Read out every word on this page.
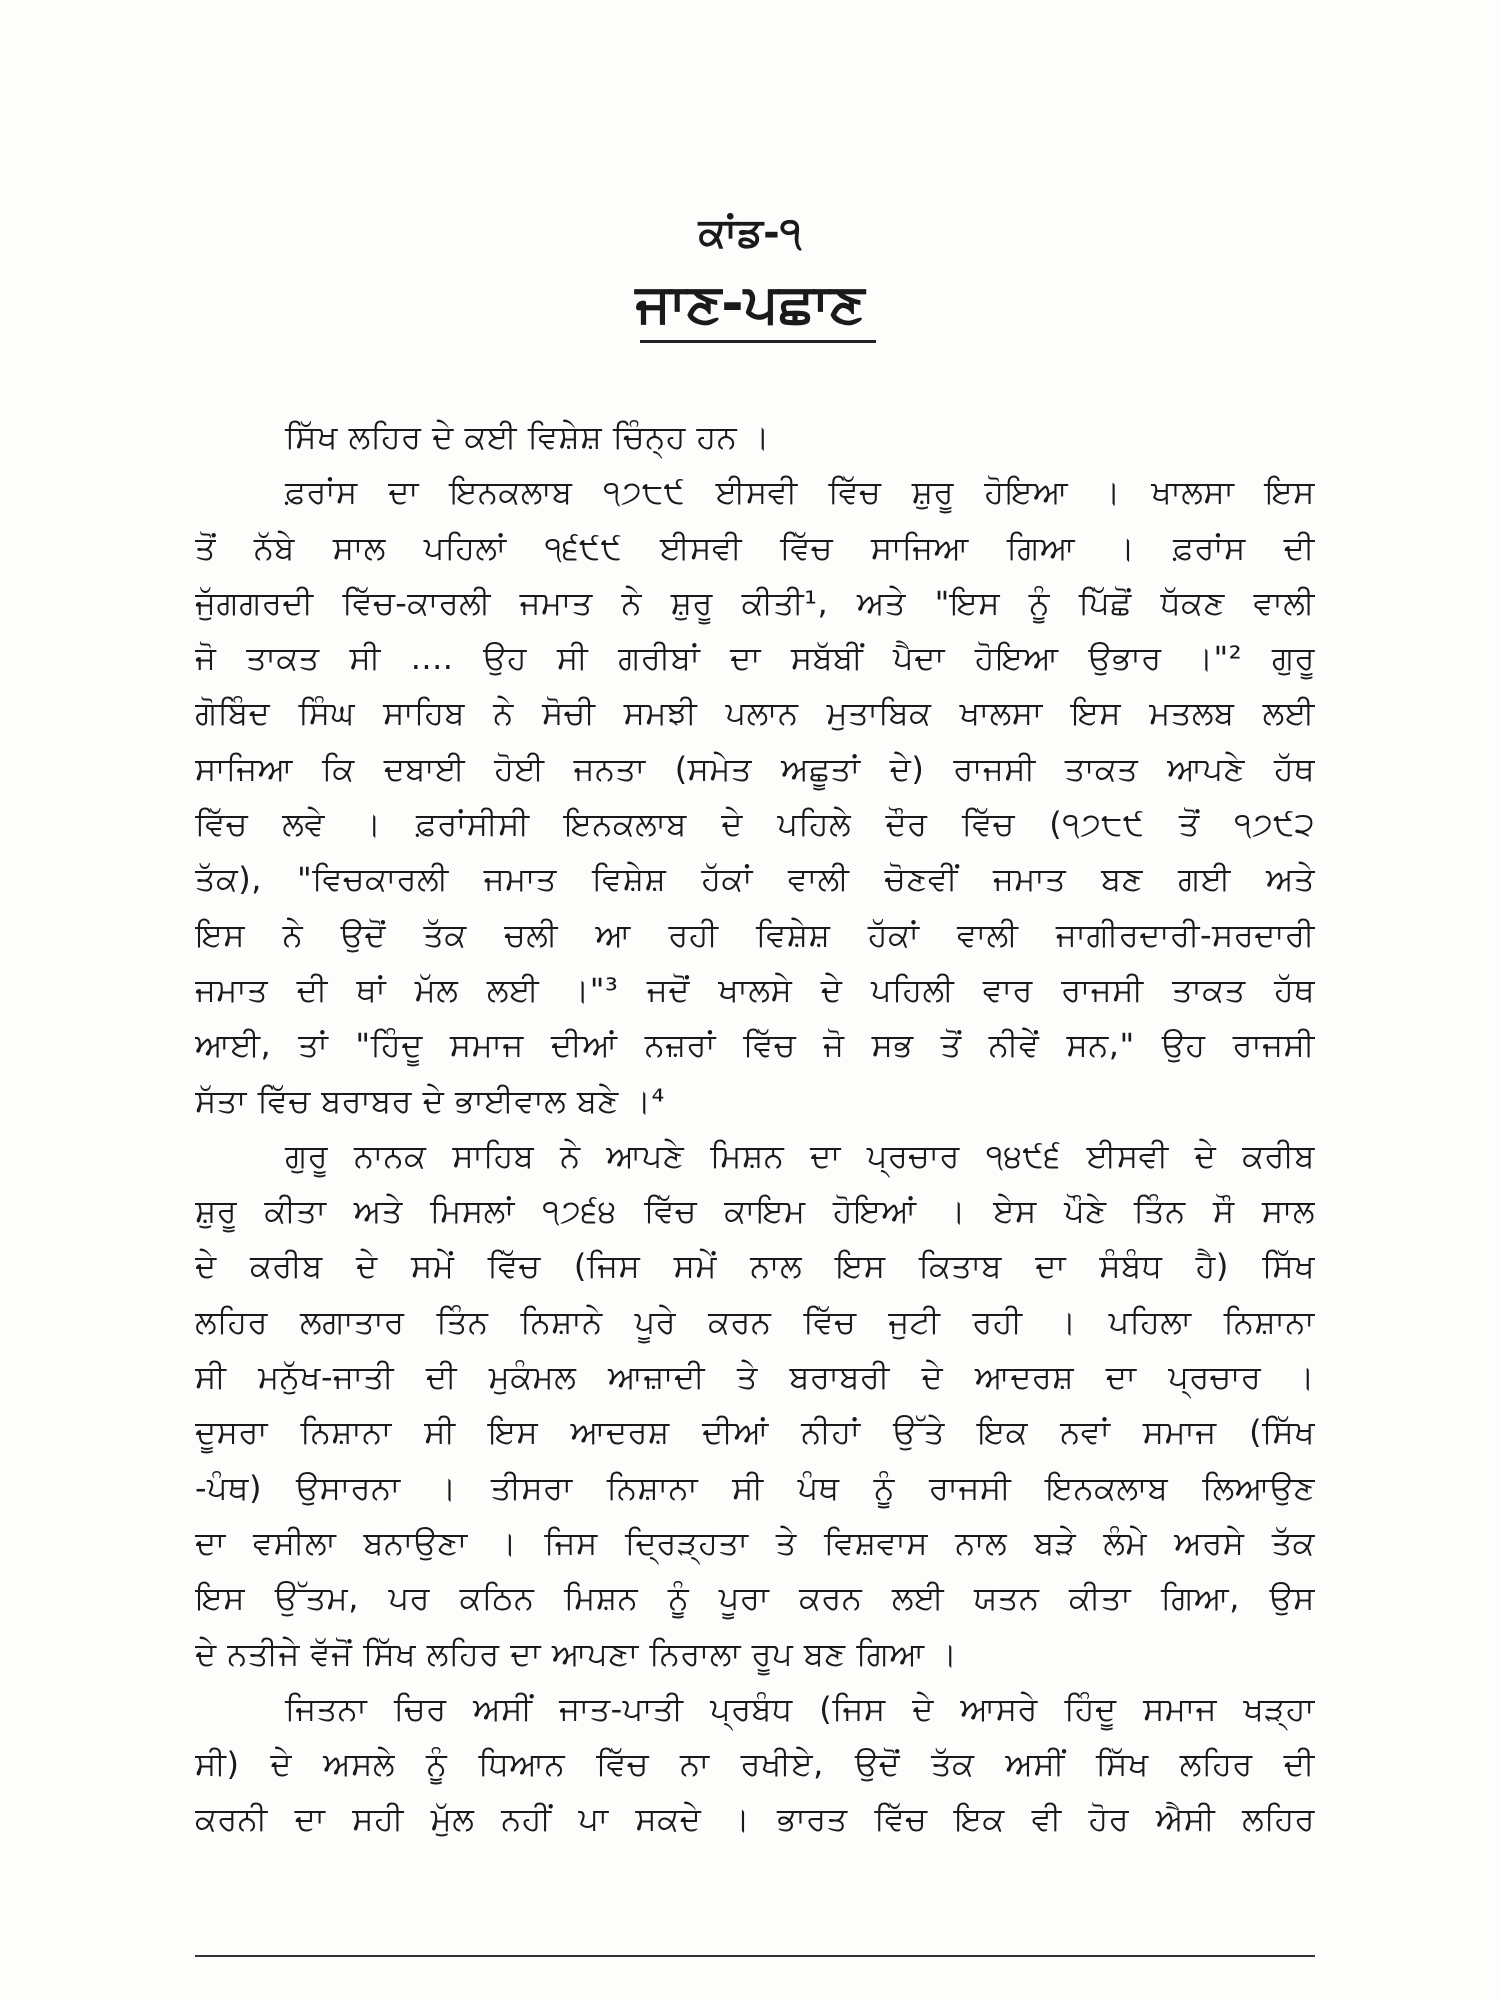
ਕਾਂਡ-੧
ਜਾਣ-ਪਛਾਣ
ਸਿੱਖ ਲਹਿਰ ਦੇ ਕਈ ਵਿਸ਼ੇਸ਼ ਚਿੰਨ੍ਹ ਹਨ ।
ਫ਼ਰਾਂਸ ਦਾ ਇਨਕਲਾਬ ੧੭੮੯ ਈਸਵੀ ਵਿੱਚ ਸ਼ੁਰੂ ਹੋਇਆ । ਖਾਲਸਾ ਇਸ
ਤੋਂ ਨੱਬੇ ਸਾਲ ਪਹਿਲਾਂ ੧੬੯੯ ਈਸਵੀ ਵਿੱਚ ਸਾਜਿਆ ਗਿਆ । ਫ਼ਰਾਂਸ ਦੀ
ਜੁੱਗਗਰਦੀ ਵਿੱਚ-ਕਾਰਲੀ ਜਮਾਤ ਨੇ ਸ਼ੁਰੂ ਕੀਤੀ¹, ਅਤੇ "ਇਸ ਨੂੰ ਪਿੱਛੋਂ ਧੱਕਣ ਵਾਲੀ
ਜੋ ਤਾਕਤ ਸੀ .... ਉਹ ਸੀ ਗਰੀਬਾਂ ਦਾ ਸਬੱਬੀਂ ਪੈਦਾ ਹੋਇਆ ਉਭਾਰ ।"² ਗੁਰੂ
ਗੋਬਿੰਦ ਸਿੰਘ ਸਾਹਿਬ ਨੇ ਸੋਚੀ ਸਮਝੀ ਪਲਾਨ ਮੁਤਾਬਿਕ ਖਾਲਸਾ ਇਸ ਮਤਲਬ ਲਈ
ਸਾਜਿਆ ਕਿ ਦਬਾਈ ਹੋਈ ਜਨਤਾ (ਸਮੇਤ ਅਛੂਤਾਂ ਦੇ) ਰਾਜਸੀ ਤਾਕਤ ਆਪਣੇ ਹੱਥ
ਵਿੱਚ ਲਵੇ । ਫ਼ਰਾਂਸੀਸੀ ਇਨਕਲਾਬ ਦੇ ਪਹਿਲੇ ਦੌਰ ਵਿੱਚ (੧੭੮੯ ਤੋਂ ੧੭੯੨
ਤੱਕ), "ਵਿਚਕਾਰਲੀ ਜਮਾਤ ਵਿਸ਼ੇਸ਼ ਹੱਕਾਂ ਵਾਲੀ ਚੋਣਵੀਂ ਜਮਾਤ ਬਣ ਗਈ ਅਤੇ
ਇਸ ਨੇ ਉਦੋਂ ਤੱਕ ਚਲੀ ਆ ਰਹੀ ਵਿਸ਼ੇਸ਼ ਹੱਕਾਂ ਵਾਲੀ ਜਾਗੀਰਦਾਰੀ-ਸਰਦਾਰੀ
ਜਮਾਤ ਦੀ ਥਾਂ ਮੱਲ ਲਈ ।"³ ਜਦੋਂ ਖਾਲਸੇ ਦੇ ਪਹਿਲੀ ਵਾਰ ਰਾਜਸੀ ਤਾਕਤ ਹੱਥ
ਆਈ, ਤਾਂ "ਹਿੰਦੂ ਸਮਾਜ ਦੀਆਂ ਨਜ਼ਰਾਂ ਵਿੱਚ ਜੋ ਸਭ ਤੋਂ ਨੀਵੇਂ ਸਨ," ਉਹ ਰਾਜਸੀ
ਸੱਤਾ ਵਿੱਚ ਬਰਾਬਰ ਦੇ ਭਾਈਵਾਲ ਬਣੇ ।⁴
ਗੁਰੂ ਨਾਨਕ ਸਾਹਿਬ ਨੇ ਆਪਣੇ ਮਿਸ਼ਨ ਦਾ ਪ੍ਰਚਾਰ ੧੪੯੬ ਈਸਵੀ ਦੇ ਕਰੀਬ
ਸ਼ੁਰੂ ਕੀਤਾ ਅਤੇ ਮਿਸਲਾਂ ੧੭੬੪ ਵਿੱਚ ਕਾਇਮ ਹੋਇਆਂ । ਏਸ ਪੌਣੇ ਤਿੰਨ ਸੌ ਸਾਲ
ਦੇ ਕਰੀਬ ਦੇ ਸਮੇਂ ਵਿੱਚ (ਜਿਸ ਸਮੇਂ ਨਾਲ ਇਸ ਕਿਤਾਬ ਦਾ ਸੰਬੰਧ ਹੈ) ਸਿੱਖ
ਲਹਿਰ ਲਗਾਤਾਰ ਤਿੰਨ ਨਿਸ਼ਾਨੇ ਪੂਰੇ ਕਰਨ ਵਿੱਚ ਜੁਟੀ ਰਹੀ । ਪਹਿਲਾ ਨਿਸ਼ਾਨਾ
ਸੀ ਮਨੁੱਖ-ਜਾਤੀ ਦੀ ਮੁਕੰਮਲ ਆਜ਼ਾਦੀ ਤੇ ਬਰਾਬਰੀ ਦੇ ਆਦਰਸ਼ ਦਾ ਪ੍ਰਚਾਰ ।
ਦੂਸਰਾ ਨਿਸ਼ਾਨਾ ਸੀ ਇਸ ਆਦਰਸ਼ ਦੀਆਂ ਨੀਹਾਂ ਉੱਤੇ ਇਕ ਨਵਾਂ ਸਮਾਜ (ਸਿੱਖ
-ਪੰਥ) ਉਸਾਰਨਾ । ਤੀਸਰਾ ਨਿਸ਼ਾਨਾ ਸੀ ਪੰਥ ਨੂੰ ਰਾਜਸੀ ਇਨਕਲਾਬ ਲਿਆਉਣ
ਦਾ ਵਸੀਲਾ ਬਨਾਉਣਾ । ਜਿਸ ਦ੍ਰਿੜ੍ਹਤਾ ਤੇ ਵਿਸ਼ਵਾਸ ਨਾਲ ਬੜੇ ਲੰਮੇ ਅਰਸੇ ਤੱਕ
ਇਸ ਉੱਤਮ, ਪਰ ਕਠਿਨ ਮਿਸ਼ਨ ਨੂੰ ਪੂਰਾ ਕਰਨ ਲਈ ਯਤਨ ਕੀਤਾ ਗਿਆ, ਉਸ
ਦੇ ਨਤੀਜੇ ਵੱਜੋਂ ਸਿੱਖ ਲਹਿਰ ਦਾ ਆਪਣਾ ਨਿਰਾਲਾ ਰੂਪ ਬਣ ਗਿਆ ।
ਜਿਤਨਾ ਚਿਰ ਅਸੀਂ ਜਾਤ-ਪਾਤੀ ਪ੍ਰਬੰਧ (ਜਿਸ ਦੇ ਆਸਰੇ ਹਿੰਦੂ ਸਮਾਜ ਖੜ੍ਹਾ
ਸੀ) ਦੇ ਅਸਲੇ ਨੂੰ ਧਿਆਨ ਵਿੱਚ ਨਾ ਰਖੀਏ, ਉਦੋਂ ਤੱਕ ਅਸੀਂ ਸਿੱਖ ਲਹਿਰ ਦੀ
ਕਰਨੀ ਦਾ ਸਹੀ ਮੁੱਲ ਨਹੀਂ ਪਾ ਸਕਦੇ । ਭਾਰਤ ਵਿੱਚ ਇਕ ਵੀ ਹੋਰ ਐਸੀ ਲਹਿਰ
